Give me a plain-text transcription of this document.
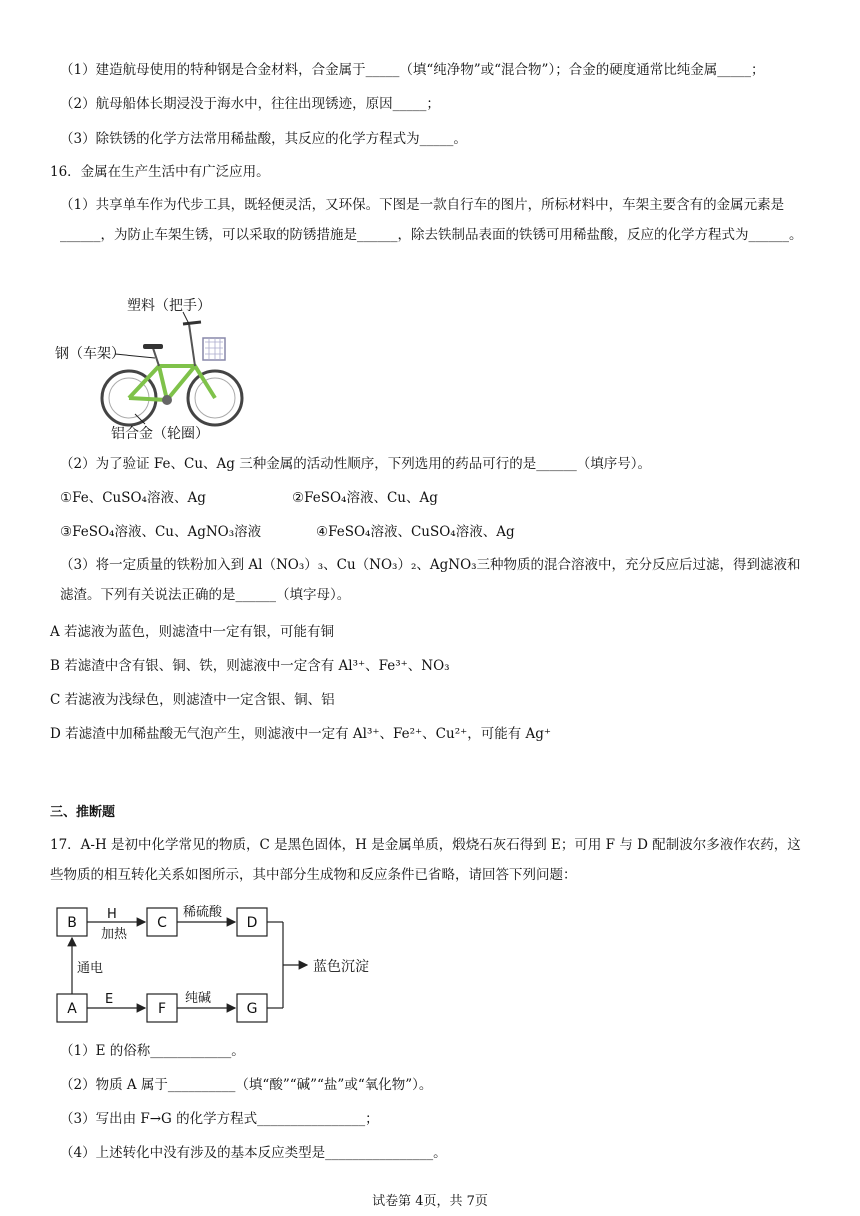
（1）建造航母使用的特种钢是合金材料，合金属于_____（填“纯净物”或“混合物”）；合金的硬度通常比纯金属_____；
（2）航母船体长期浸没于海水中，往往出现锈迹，原因_____；
（3）除铁锈的化学方法常用稀盐酸，其反应的化学方程式为_____。
16．金属在生产生活中有广泛应用。
（1）共享单车作为代步工具，既轻便灵活，又环保。下图是一款自行车的图片，所标材料中，车架主要含有的金属元素是______，为防止车架生锈，可以采取的防锈措施是______，除去铁制品表面的铁锈可用稀盐酸，反应的化学方程式为______。
塑料（把手）
钢（车架）
铝合金（轮圈）
（2）为了验证 Fe、Cu、Ag 三种金属的活动性顺序，下列选用的药品可行的是______（填序号）。
①Fe、CuSO₄溶液、Ag	②FeSO₄溶液、Cu、Ag
③FeSO₄溶液、Cu、AgNO₃溶液	④FeSO₄溶液、CuSO₄溶液、Ag
（3）将一定质量的铁粉加入到 Al（NO₃）₃、Cu（NO₃）₂、AgNO₃三种物质的混合溶液中，充分反应后过滤，得到滤液和滤渣。下列有关说法正确的是______（填字母）。
A 若滤液为蓝色，则滤渣中一定有银，可能有铜
B 若滤渣中含有银、铜、铁，则滤液中一定含有 Al³⁺、Fe³⁺、NO₃
C 若滤液为浅绿色，则滤渣中一定含银、铜、铝
D 若滤渣中加稀盐酸无气泡产生，则滤液中一定有 Al³⁺、Fe²⁺、Cu²⁺，可能有 Ag⁺
三、推断题
17．A-H 是初中化学常见的物质，C 是黑色固体，H 是金属单质，煅烧石灰石得到 E；可用 F 与 D 配制波尔多液作农药，这些物质的相互转化关系如图所示，其中部分生成物和反应条件已省略，请回答下列问题：
B	C	D
A	F	G
H
加热
稀硫酸
通电
E	纯碱
蓝色沉淀
（1）E 的俗称____________。
（2）物质 A 属于__________（填“酸”“碱”“盐”或“氧化物”）。
（3）写出由 F→G 的化学方程式________________；
（4）上述转化中没有涉及的基本反应类型是________________。
试卷第 4页，共 7页
